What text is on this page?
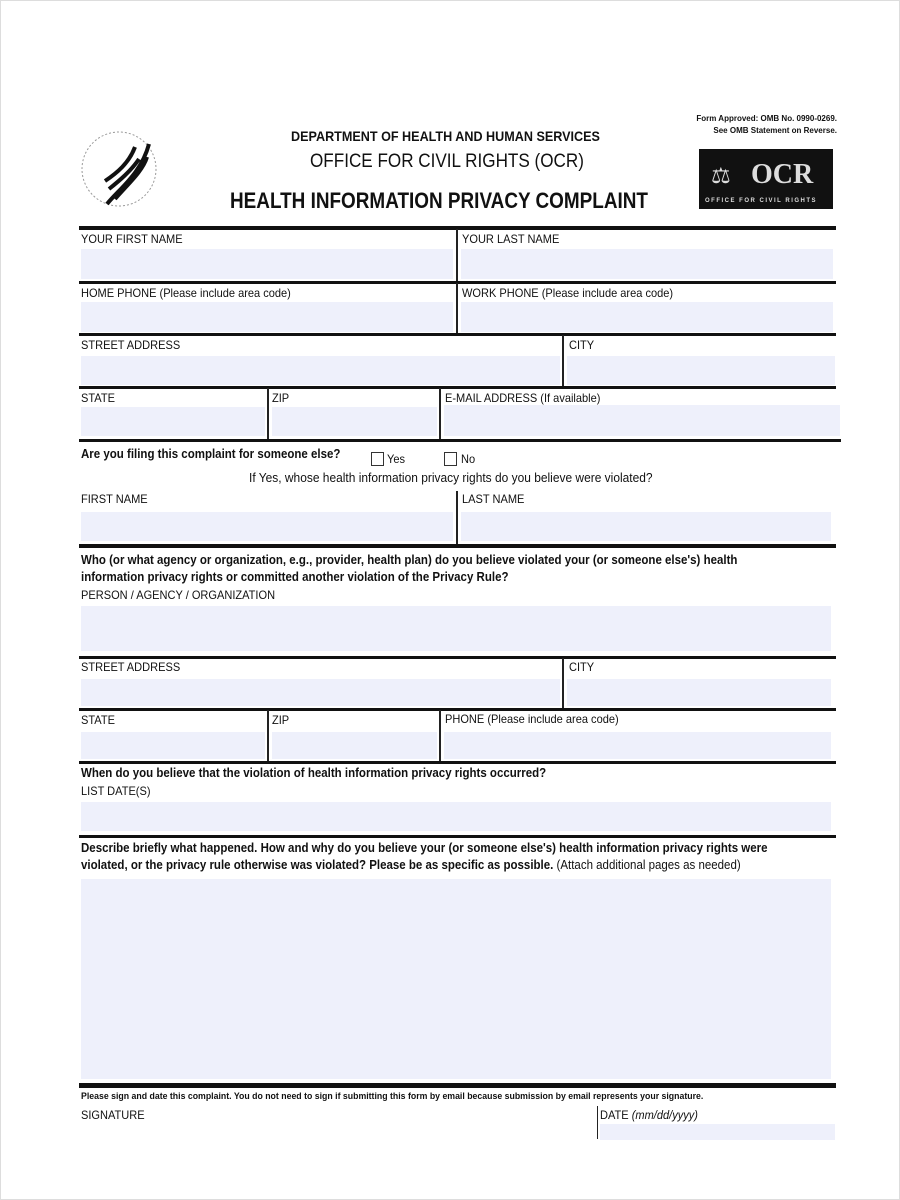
DEPARTMENT OF HEALTH AND HUMAN SERVICES
OFFICE FOR CIVIL RIGHTS (OCR)
HEALTH INFORMATION PRIVACY COMPLAINT
Form Approved: OMB No. 0990-0269.
See OMB Statement on Reverse.
⚖ OCR
OFFICE FOR CIVIL RIGHTS
YOUR FIRST NAME	YOUR LAST NAME
HOME PHONE (Please include area code)	WORK PHONE (Please include area code)
STREET ADDRESS	CITY
STATE	ZIP	E-MAIL ADDRESS (If available)
Are you filing this complaint for someone else?	Yes	No
If Yes, whose health information privacy rights do you believe were violated?
FIRST NAME	LAST NAME
Who (or what agency or organization, e.g., provider, health plan) do you believe violated your (or someone else's) health
information privacy rights or committed another violation of the Privacy Rule?
PERSON / AGENCY / ORGANIZATION
STREET ADDRESS	CITY
STATE	ZIP	PHONE (Please include area code)
When do you believe that the violation of health information privacy rights occurred?
LIST DATE(S)
Describe briefly what happened. How and why do you believe your (or someone else's) health information privacy rights were
violated, or the privacy rule otherwise was violated? Please be as specific as possible. (Attach additional pages as needed)
Please sign and date this complaint. You do not need to sign if submitting this form by email because submission by email represents your signature.
SIGNATURE	DATE (mm/dd/yyyy)
